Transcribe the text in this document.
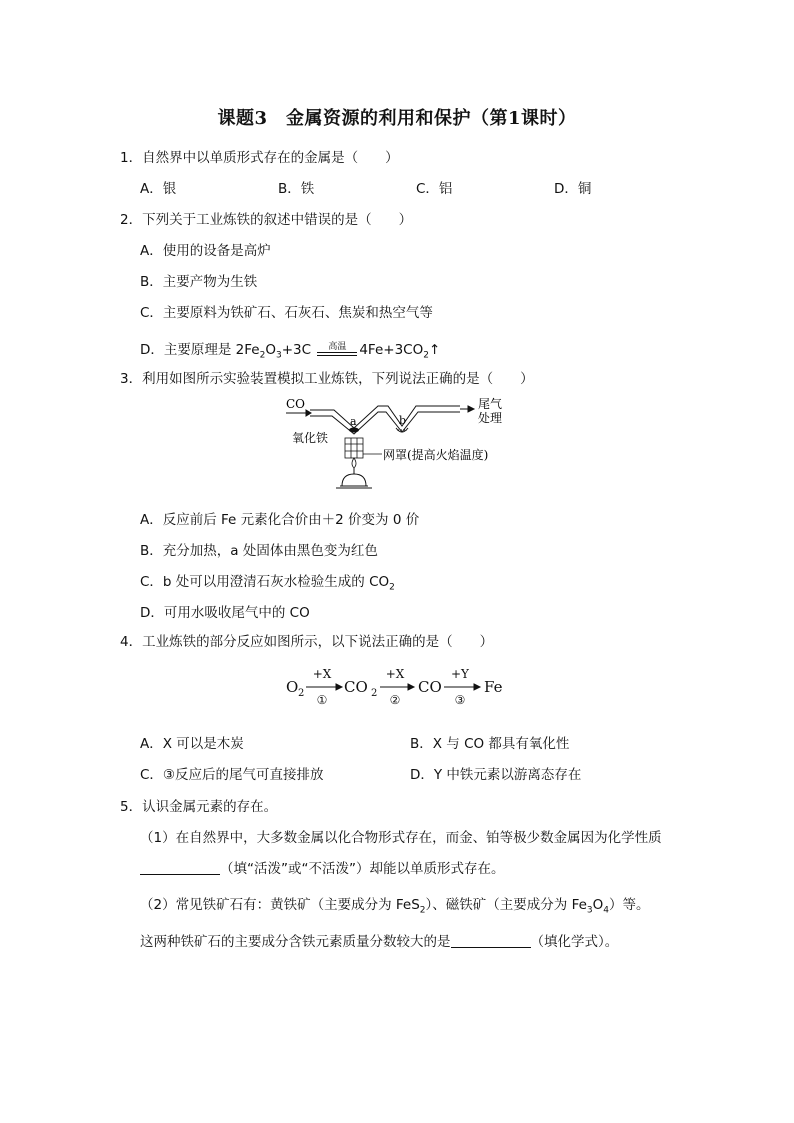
课题3　金属资源的利用和保护（第1课时）
1．自然界中以单质形式存在的金属是（　　）
A．银	B．铁	C．铝	D．铜
2．下列关于工业炼铁的叙述中错误的是（　　）
A．使用的设备是高炉
B．主要产物为生铁
C．主要原料为铁矿石、石灰石、焦炭和热空气等
D．主要原理是 $2Fe_2O_3+3C$	高温 $4Fe+3CO_2↑$
3．利用如图所示实验装置模拟工业炼铁，下列说法正确的是（　　）
CO
a	b
尾气
处理
氧化铁
网罩(提高火焰温度)
A．反应前后 Fe 元素化合价由＋2 价变为 0 价
B．充分加热，a 处固体由黑色变为红色
C．b 处可以用澄清石灰水检验生成的 $CO_2$
D．可用水吸收尾气中的 CO
4．工业炼铁的部分反应如图所示，以下说法正确的是（　　）
O 2	CO 2	CO	Fe
+X
①
+X
②
+Y
③
A．X 可以是木炭	B．X 与 CO 都具有氧化性
C．③反应后的尾气可直接排放	D．Y 中铁元素以游离态存在
5．认识金属元素的存在。
（1）在自然界中，大多数金属以化合物形式存在，而金、铂等极少数金属因为化学性质
（填“活泼”或“不活泼”）却能以单质形式存在。
（2）常见铁矿石有：黄铁矿（主要成分为 FeS$_2$）、磁铁矿（主要成分为 $Fe_3O_4$）等。
这两种铁矿石的主要成分含铁元素质量分数较大的是	（填化学式）。
